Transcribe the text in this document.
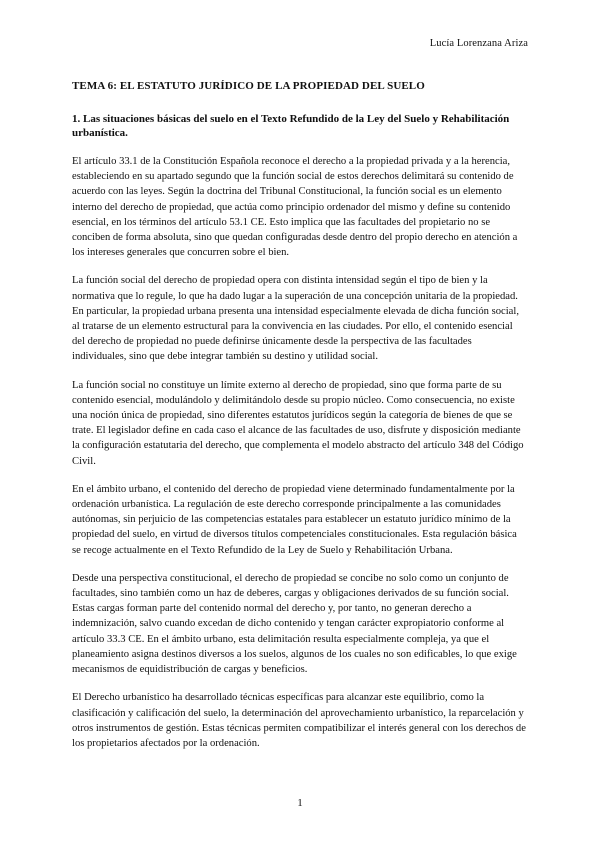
Lucía Lorenzana Ariza
TEMA 6: EL ESTATUTO JURÍDICO DE LA PROPIEDAD DEL SUELO
1. Las situaciones básicas del suelo en el Texto Refundido de la Ley del Suelo y Rehabilitación urbanística.

El artículo 33.1 de la Constitución Española reconoce el derecho a la propiedad privada y a la herencia, estableciendo en su apartado segundo que la función social de estos derechos delimitará su contenido de acuerdo con las leyes. Según la doctrina del Tribunal Constitucional, la función social es un elemento interno del derecho de propiedad, que actúa como principio ordenador del mismo y define su contenido esencial, en los términos del artículo 53.1 CE. Esto implica que las facultades del propietario no se conciben de forma absoluta, sino que quedan configuradas desde dentro del propio derecho en atención a los intereses generales que concurren sobre el bien.

La función social del derecho de propiedad opera con distinta intensidad según el tipo de bien y la normativa que lo regule, lo que ha dado lugar a la superación de una concepción unitaria de la propiedad. En particular, la propiedad urbana presenta una intensidad especialmente elevada de dicha función social, al tratarse de un elemento estructural para la convivencia en las ciudades. Por ello, el contenido esencial del derecho de propiedad no puede definirse únicamente desde la perspectiva de las facultades individuales, sino que debe integrar también su destino y utilidad social.

La función social no constituye un límite externo al derecho de propiedad, sino que forma parte de su contenido esencial, modulándolo y delimitándolo desde su propio núcleo. Como consecuencia, no existe una noción única de propiedad, sino diferentes estatutos jurídicos según la categoría de bienes de que se trate. El legislador define en cada caso el alcance de las facultades de uso, disfrute y disposición mediante la configuración estatutaria del derecho, que complementa el modelo abstracto del artículo 348 del Código Civil.

En el ámbito urbano, el contenido del derecho de propiedad viene determinado fundamentalmente por la ordenación urbanística. La regulación de este derecho corresponde principalmente a las comunidades autónomas, sin perjuicio de las competencias estatales para establecer un estatuto jurídico mínimo de la propiedad del suelo, en virtud de diversos títulos competenciales constitucionales. Esta regulación básica se recoge actualmente en el Texto Refundido de la Ley de Suelo y Rehabilitación Urbana.

Desde una perspectiva constitucional, el derecho de propiedad se concibe no solo como un conjunto de facultades, sino también como un haz de deberes, cargas y obligaciones derivados de su función social. Estas cargas forman parte del contenido normal del derecho y, por tanto, no generan derecho a indemnización, salvo cuando excedan de dicho contenido y tengan carácter expropiatorio conforme al artículo 33.3 CE. En el ámbito urbano, esta delimitación resulta especialmente compleja, ya que el planeamiento asigna destinos diversos a los suelos, algunos de los cuales no son edificables, lo que exige mecanismos de equidistribución de cargas y beneficios.

El Derecho urbanístico ha desarrollado técnicas específicas para alcanzar este equilibrio, como la clasificación y calificación del suelo, la determinación del aprovechamiento urbanístico, la reparcelación y otros instrumentos de gestión. Estas técnicas permiten compatibilizar el interés general con los derechos de los propietarios afectados por la ordenación.

1
